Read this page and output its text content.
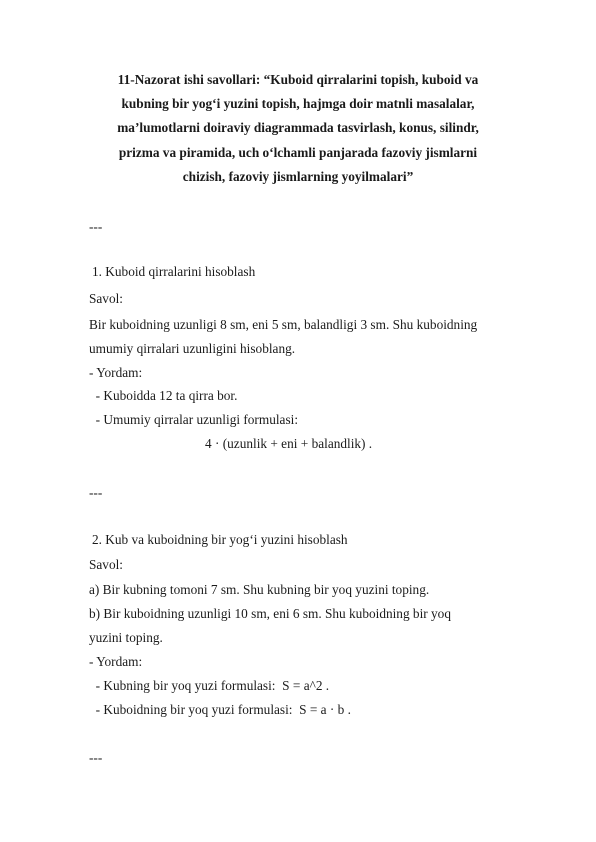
11-Nazorat ishi savollari: “Kuboid qirralarini topish, kuboid va
kubning bir yog‘i yuzini topish, hajmga doir matnli masalalar,
ma’lumotlarni doiraviy diagrammada tasvirlash, konus, silindr,
prizma va piramida, uch o‘lchamli panjarada fazoviy jismlarni
chizish, fazoviy jismlarning yoyilmalari”
---
1. Kuboid qirralarini hisoblash
Savol:
Bir kuboidning uzunligi 8 sm, eni 5 sm, balandligi 3 sm. Shu kuboidning
umumiy qirralari uzunligini hisoblang.
- Yordam:
- Kuboidda 12 ta qirra bor.
- Umumiy qirralar uzunligi formulasi:
4 · (uzunlik + eni + balandlik) .
---
2. Kub va kuboidning bir yog‘i yuzini hisoblash
Savol:
a) Bir kubning tomoni 7 sm. Shu kubning bir yoq yuzini toping.
b) Bir kuboidning uzunligi 10 sm, eni 6 sm. Shu kuboidning bir yoq
yuzini toping.
- Yordam:
- Kubning bir yoq yuzi formulasi:  S = a^2 .
- Kuboidning bir yoq yuzi formulasi:  S = a · b .
---
